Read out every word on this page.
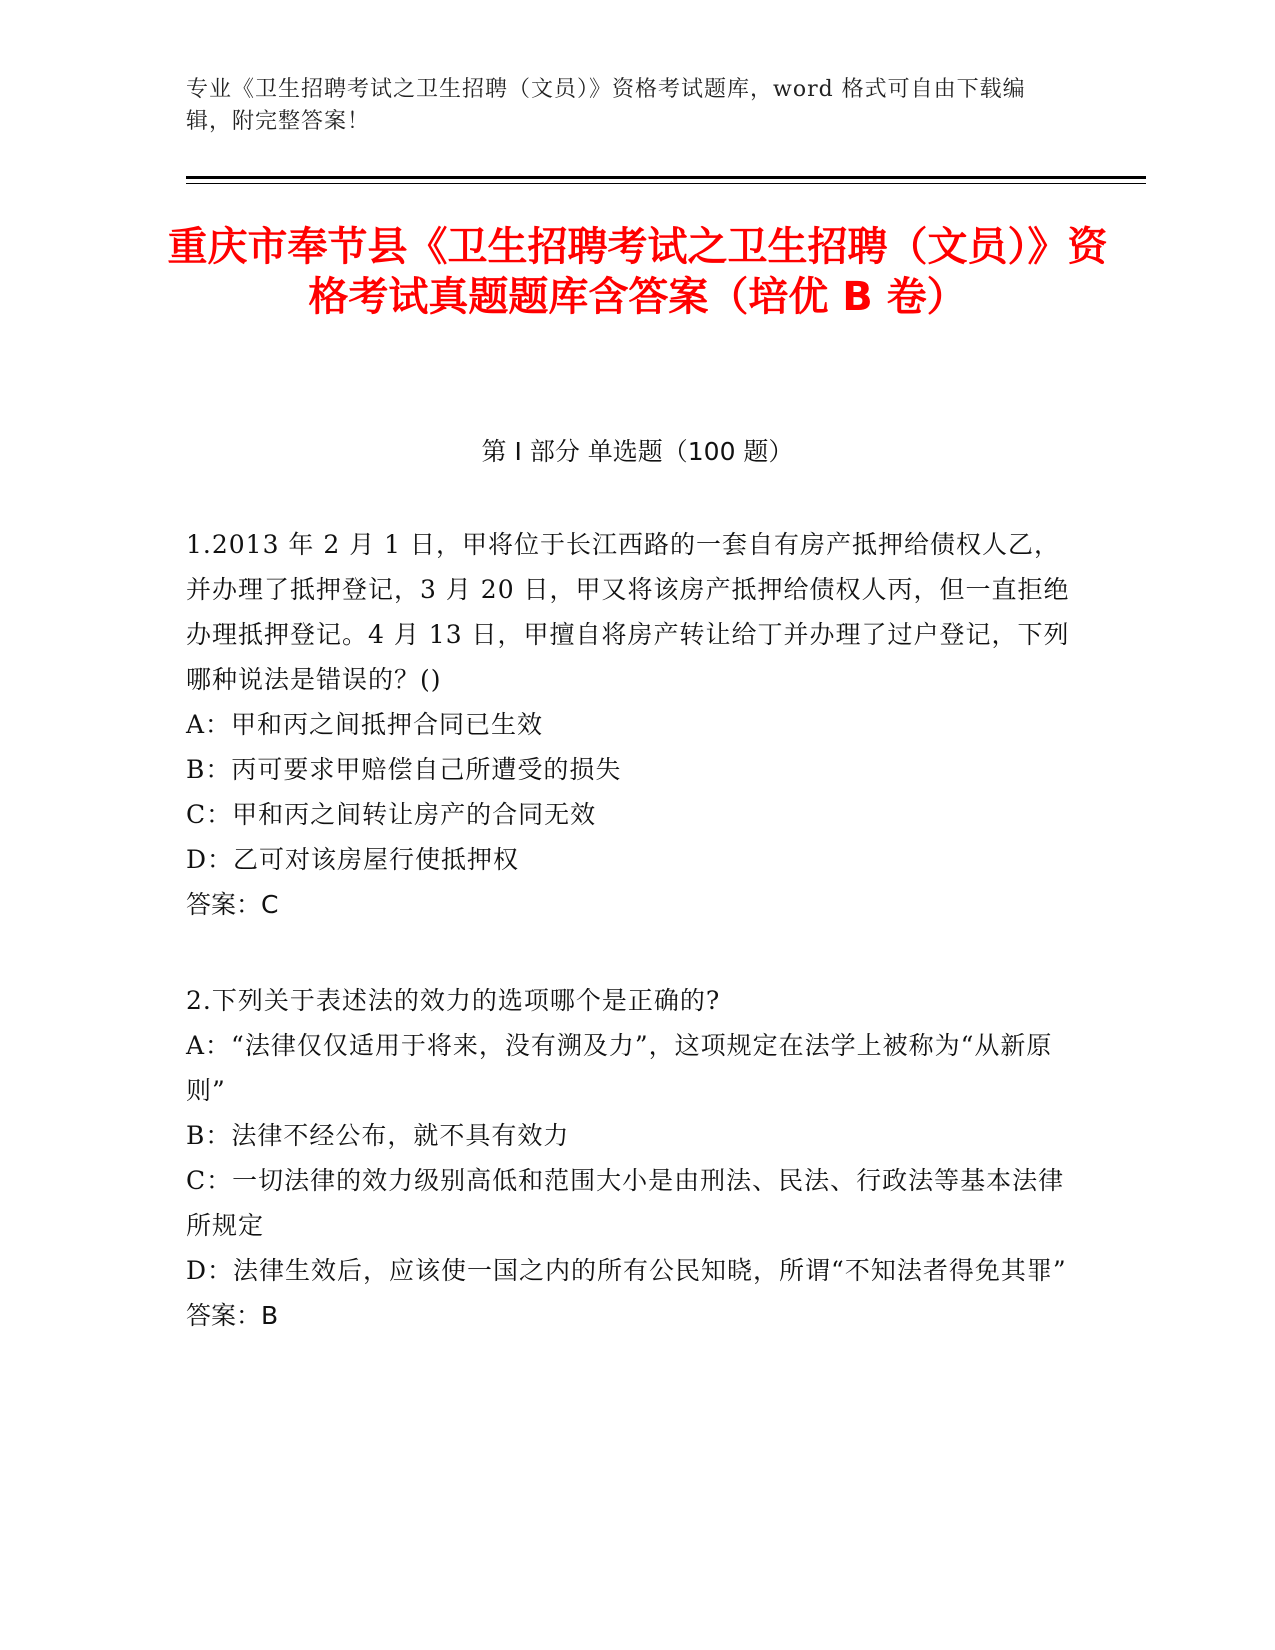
专业《卫生招聘考试之卫生招聘（文员）》资格考试题库，word 格式可自由下载编辑，附完整答案！
重庆市奉节县《卫生招聘考试之卫生招聘（文员）》资格考试真题题库含答案（培优 B 卷）
第 I 部分 单选题（100 题）

1.2013 年 2 月 1 日，甲将位于长江西路的一套自有房产抵押给债权人乙，并办理了抵押登记，3 月 20 日，甲又将该房产抵押给债权人丙，但一直拒绝办理抵押登记。4 月 13 日，甲擅自将房产转让给丁并办理了过户登记，下列哪种说法是错误的？()

A：甲和丙之间抵押合同已生效

B：丙可要求甲赔偿自己所遭受的损失

C：甲和丙之间转让房产的合同无效

D：乙可对该房屋行使抵押权

答案：C

2.下列关于表述法的效力的选项哪个是正确的?

A：“法律仅仅适用于将来，没有溯及力”，这项规定在法学上被称为“从新原则”

B：法律不经公布，就不具有效力

C：一切法律的效力级别高低和范围大小是由刑法、民法、行政法等基本法律所规定

D：法律生效后，应该使一国之内的所有公民知晓，所谓“不知法者得免其罪”

答案：B
